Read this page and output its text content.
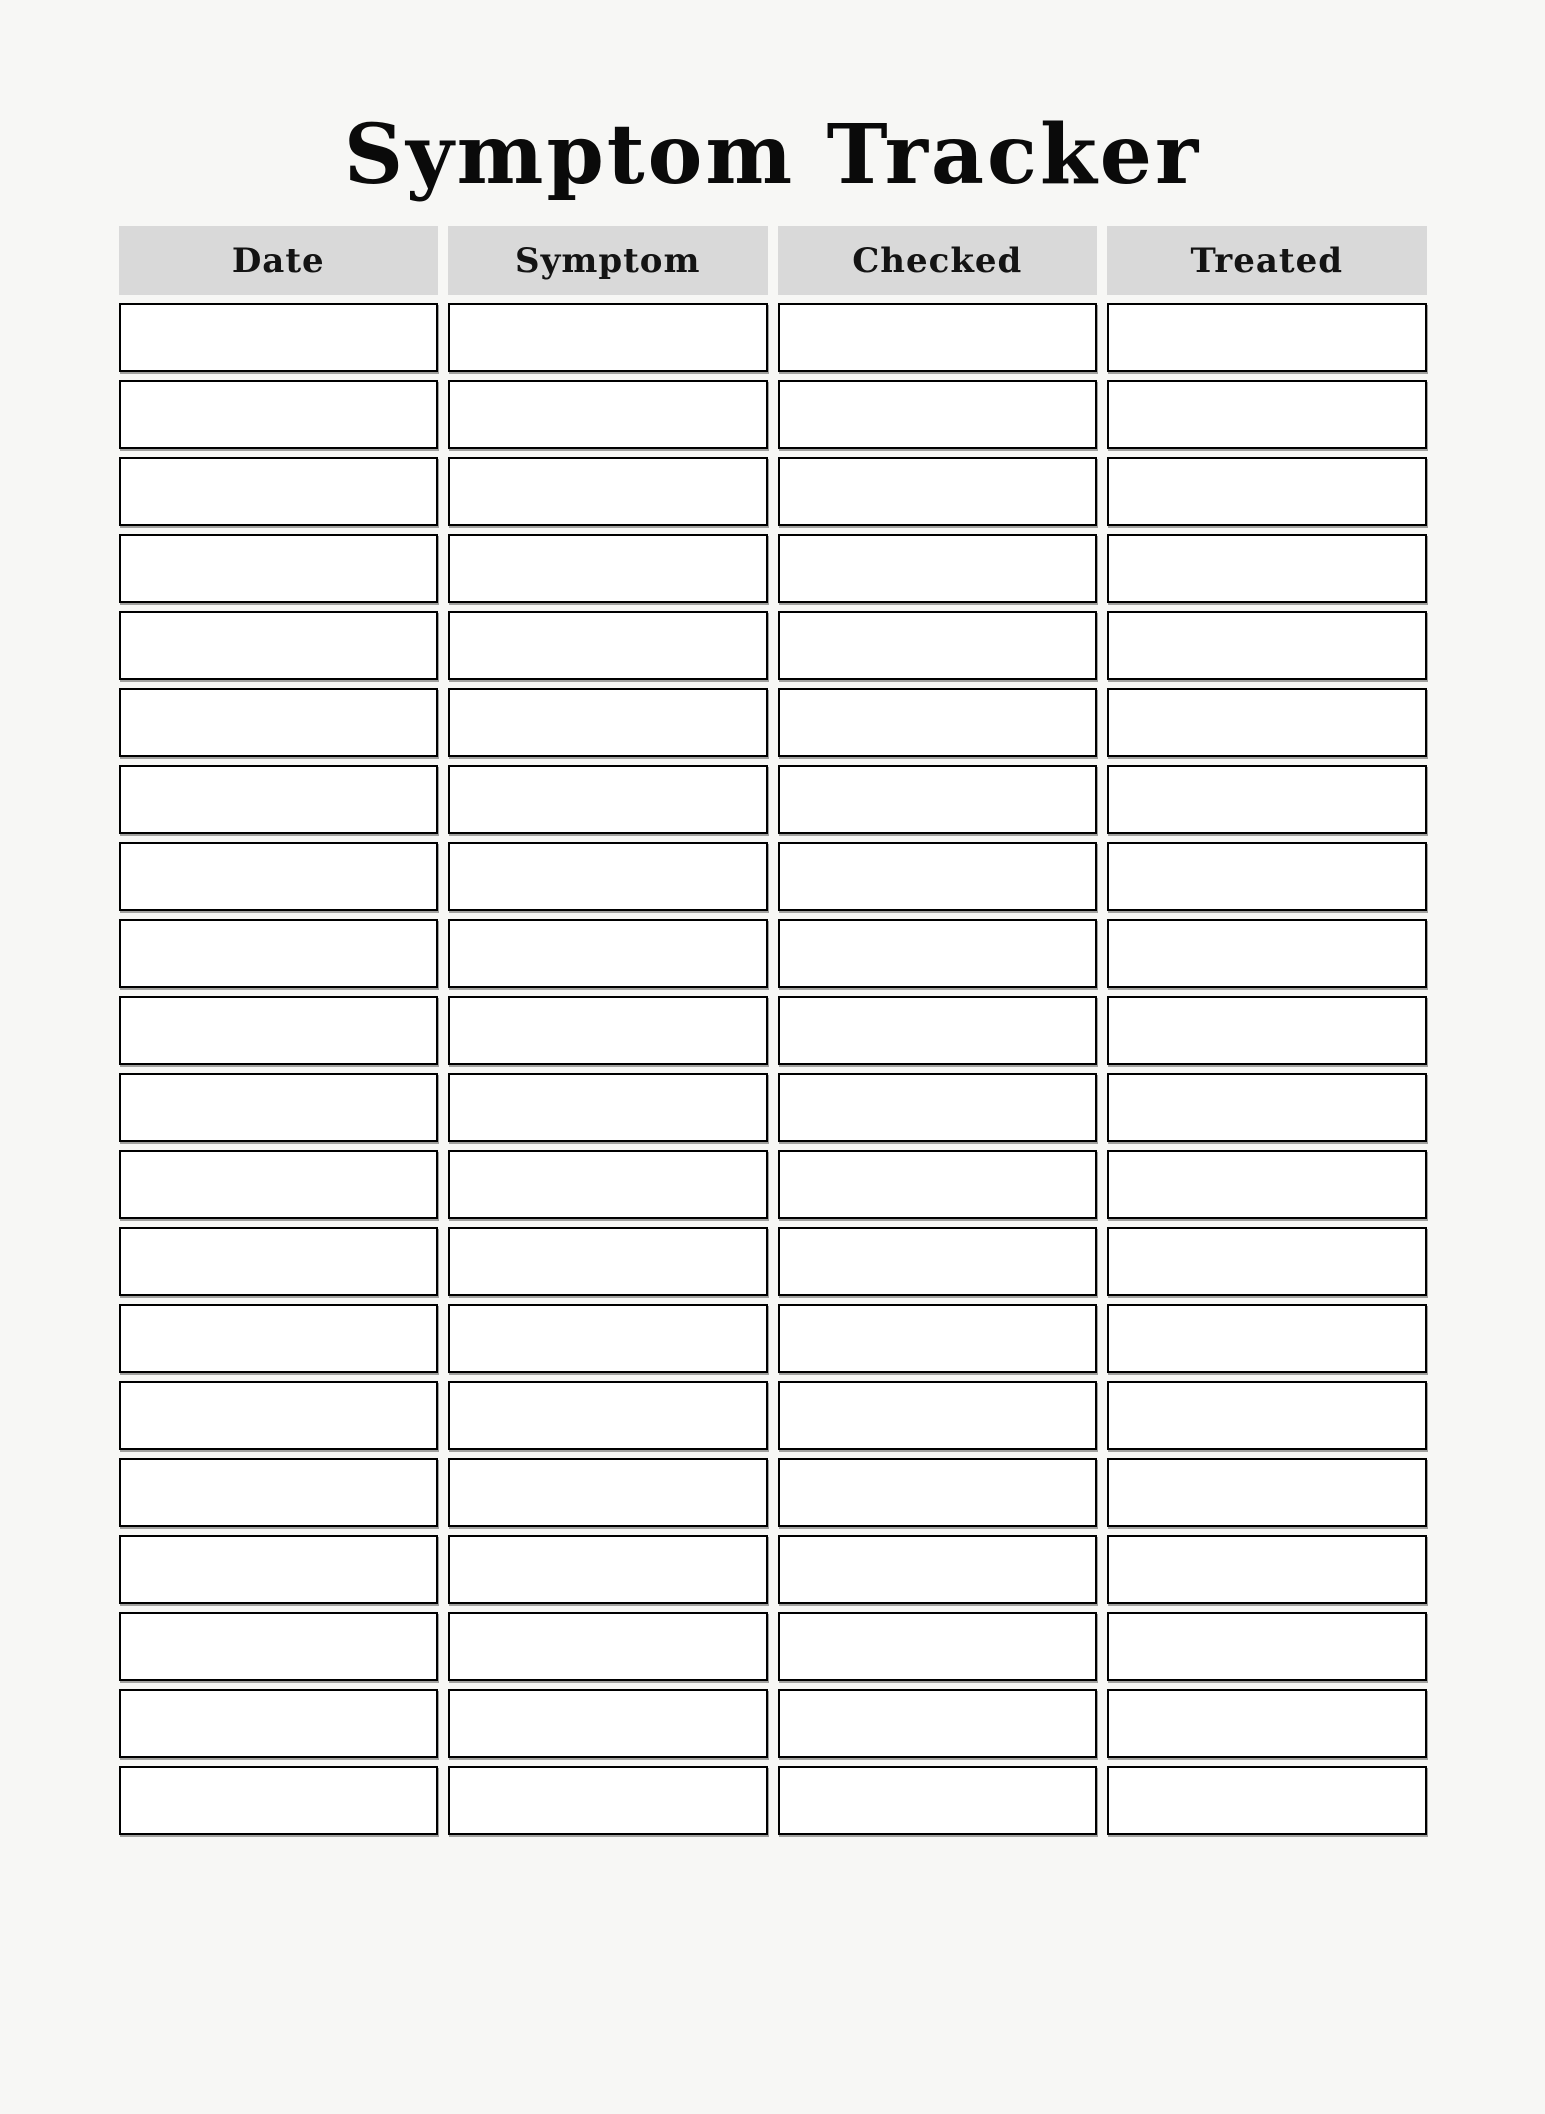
Symptom Tracker
Date	Symptom	Checked	Treated
